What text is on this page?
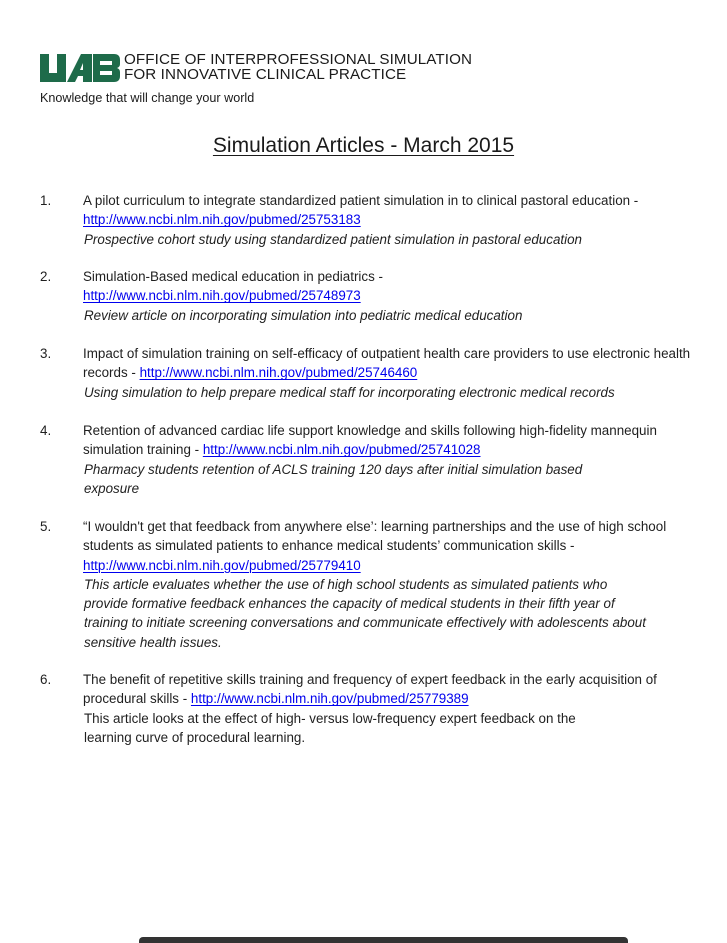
OFFICE OF INTERPROFESSIONAL SIMULATION
FOR INNOVATIVE CLINICAL PRACTICE
Knowledge that will change your world
Simulation Articles - March 2015
1.	A pilot curriculum to integrate standardized patient simulation in to clinical pastoral education -
http://www.ncbi.nlm.nih.gov/pubmed/25753183
Prospective cohort study using standardized patient simulation in pastoral education
2.	Simulation-Based medical education in pediatrics -
http://www.ncbi.nlm.nih.gov/pubmed/25748973
Review article on incorporating simulation into pediatric medical education
3.	Impact of simulation training on self-efficacy of outpatient health care providers to use electronic health records - http://www.ncbi.nlm.nih.gov/pubmed/25746460
Using simulation to help prepare medical staff for incorporating electronic medical records
4.	Retention of advanced cardiac life support knowledge and skills following high-fidelity mannequin simulation training - http://www.ncbi.nlm.nih.gov/pubmed/25741028
Pharmacy students retention of ACLS training 120 days after initial simulation based exposure
5.	“I wouldn't get that feedback from anywhere else’: learning partnerships and the use of high school students as simulated patients to enhance medical students’ communication skills -
http://www.ncbi.nlm.nih.gov/pubmed/25779410
This article evaluates whether the use of high school students as simulated patients who provide formative feedback enhances the capacity of medical students in their fifth year of training to initiate screening conversations and communicate effectively with adolescents about sensitive health issues.
6.	The benefit of repetitive skills training and frequency of expert feedback in the early acquisition of procedural skills - http://www.ncbi.nlm.nih.gov/pubmed/25779389
This article looks at the effect of high- versus low-frequency expert feedback on the learning curve of procedural learning.
